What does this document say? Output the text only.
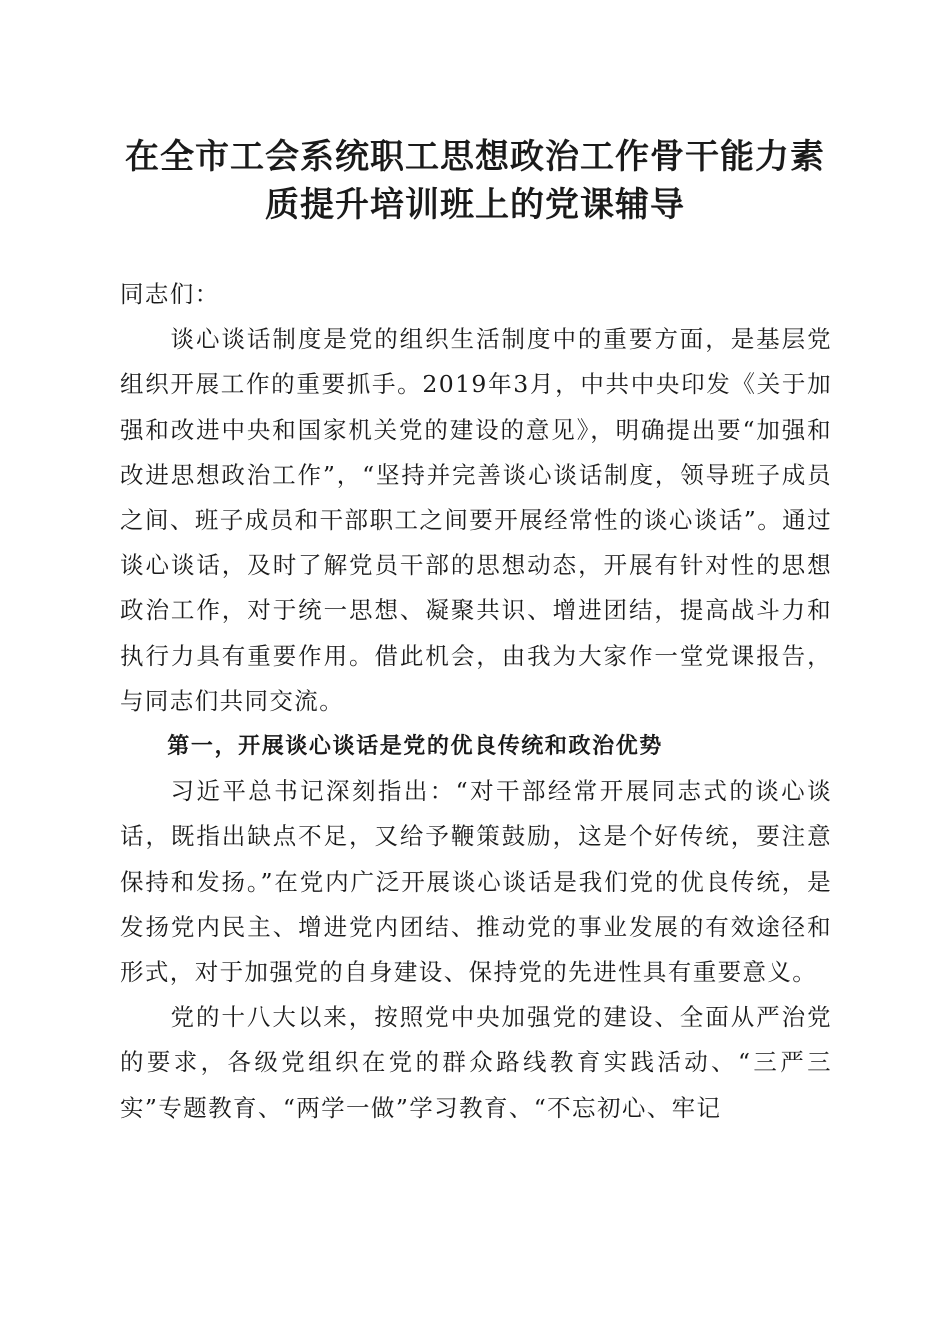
在全市工会系统职工思想政治工作骨干能力素
质提升培训班上的党课辅导

同志们：

谈心谈话制度是党的组织生活制度中的重要方面，是基层党组织开展工作的重要抓手。2019年3月，中共中央印发《关于加强和改进中央和国家机关党的建设的意见》，明确提出要“加强和改进思想政治工作”，“坚持并完善谈心谈话制度，领导班子成员之间、班子成员和干部职工之间要开展经常性的谈心谈话”。通过谈心谈话，及时了解党员干部的思想动态，开展有针对性的思想政治工作，对于统一思想、凝聚共识、增进团结，提高战斗力和执行力具有重要作用。借此机会，由我为大家作一堂党课报告，与同志们共同交流。

第一，开展谈心谈话是党的优良传统和政治优势

习近平总书记深刻指出：“对干部经常开展同志式的谈心谈话，既指出缺点不足，又给予鞭策鼓励，这是个好传统，要注意保持和发扬。”在党内广泛开展谈心谈话是我们党的优良传统，是发扬党内民主、增进党内团结、推动党的事业发展的有效途径和形式，对于加强党的自身建设、保持党的先进性具有重要意义。

党的十八大以来，按照党中央加强党的建设、全面从严治党的要求，各级党组织在党的群众路线教育实践活动、“三严三实”专题教育、“两学一做”学习教育、“不忘初心、牢记
